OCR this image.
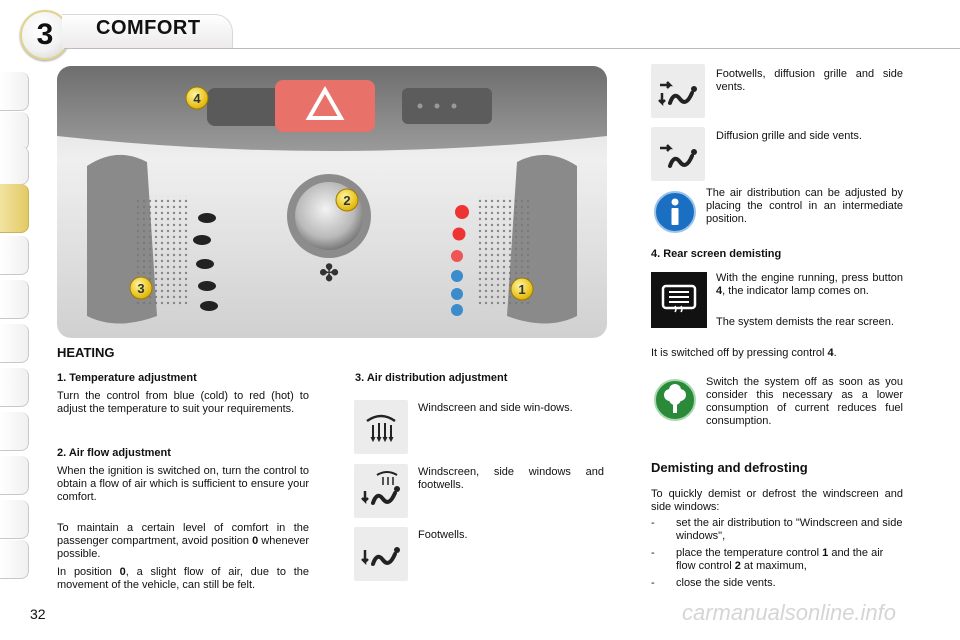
3 COMFORT
✤
4
2
3	1
HEATING
1. Temperature adjustment
Turn the control from blue (cold) to red (hot) to adjust the temperature to suit your requirements.
2. Air flow adjustment
When the ignition is switched on, turn the control to obtain a flow of air which is sufficient to ensure your comfort.
To maintain a certain level of comfort in the passenger compartment, avoid position 0 whenever possible.
In position 0, a slight flow of air, due to the movement of the vehicle, can still be felt.
3. Air distribution adjustment
Windscreen and side win-dows.
Windscreen, side windows and footwells.
Footwells.
Footwells, diffusion grille and side vents.
Diffusion grille and side vents.
The air distribution can be adjusted by placing the control in an intermediate position.
4. Rear screen demisting
With the engine running, press button 4, the indicator lamp comes on.
The system demists the rear screen.
It is switched off by pressing control 4.
Switch the system off as soon as you consider this necessary as a lower consumption of current reduces fuel consumption.
Demisting and defrosting
To quickly demist or defrost the windscreen and side windows:
- set the air distribution to "Windscreen and side windows",
- place the temperature control 1 and the air flow control 2 at maximum,
- close the side vents.
32	carmanualsonline.info
